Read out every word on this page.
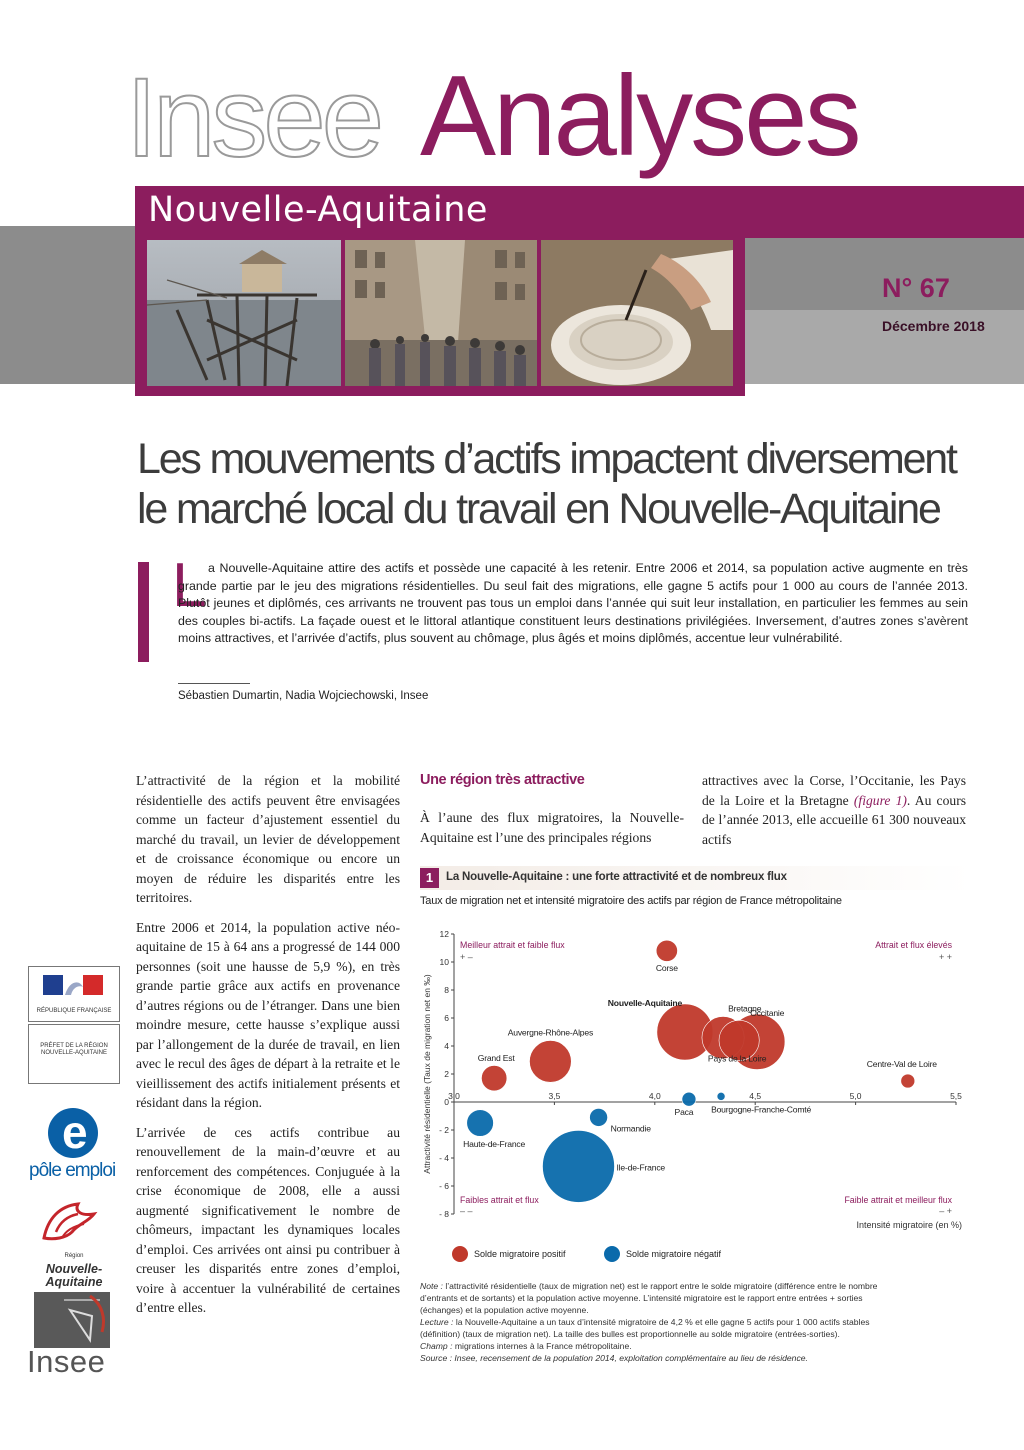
Insee Analyses
Nouvelle-Aquitaine
N° 67
Décembre 2018
Les mouvements d’actifs impactent diversement
le marché local du travail en Nouvelle-Aquitaine
L a Nouvelle-Aquitaine attire des actifs et possède une capacité à les retenir. Entre 2006 et 2014, sa population active augmente en très grande partie par le jeu des migrations résidentielles. Du seul fait des migrations, elle gagne 5 actifs pour 1 000 au cours de l’année 2013. Plutôt jeunes et diplômés, ces arrivants ne trouvent pas tous un emploi dans l’année qui suit leur installation, en particulier les femmes au sein des couples bi-actifs. La façade ouest et le littoral atlantique constituent leurs destinations privilégiées. Inversement, d’autres zones s’avèrent moins attractives, et l’arrivée d’actifs, plus souvent au chômage, plus âgés et moins diplômés, accentue leur vulnérabilité.
Sébastien Dumartin, Nadia Wojciechowski, Insee

L’attractivité de la région et la mobilité résidentielle des actifs peuvent être envisagées comme un facteur d’ajustement essentiel du marché du travail, un levier de développement et de croissance économique ou encore un moyen de réduire les disparités entre les territoires.

Entre 2006 et 2014, la population active néo-aquitaine de 15 à 64 ans a progressé de 144 000 personnes (soit une hausse de 5,9 %), en très grande partie grâce aux actifs en provenance d’autres régions ou de l’étranger. Dans une bien moindre mesure, cette hausse s’explique aussi par l’allongement de la durée de travail, en lien avec le recul des âges de départ à la retraite et le vieillissement des actifs initialement présents et résidant dans la région.

L’arrivée de ces actifs contribue au renouvellement de la main-d’œuvre et au renforcement des compétences. Conjuguée à la crise économique de 2008, elle a aussi augmenté significativement le nombre de chômeurs, impactant les dynamiques locales d’emploi. Ces arrivées ont ainsi pu contribuer à creuser les disparités entre zones d’emploi, voire à accentuer la vulnérabilité de certaines d’entre elles.

Une région très attractive

À l’aune des flux migratoires, la Nouvelle-Aquitaine est l’une des principales régions

attractives avec la Corse, l’Occitanie, les Pays de la Loire et la Bretagne (figure 1). Au cours de l’année 2013, elle accueille 61 300 nouveaux actifs

RÉPUBLIQUE FRANÇAISE
PRÉFET DE LA RÉGION NOUVELLE-AQUITAINE
e
pôle emploi
Région
Nouvelle-Aquitaine
Insee
1	La Nouvelle-Aquitaine : une forte attractivité et de nombreux flux
Taux de migration net et intensité migratoire des actifs par région de France métropolitaine
12
10
8
6
4
2
0
- 2
- 4
- 6
- 8
3,0	3,5	4,0	4,5	5,0	5,5
Attractivité résidentielle (Taux de migration net en ‰)
Intensité migratoire (en %)
Meilleur attrait et faible flux
+ –
Attrait et flux élevés
+ +
Faibles attrait et flux
– –
Faible attrait et meilleur flux
– +
Nouvelle-Aquitaine
Occitanie
Bretagne
Auvergne-Rhône-Alpes
Pays de la Loire
Grand Est
Corse
Centre-Val de Loire
Ile-de-France
Haute-de-France
Normandie
Paca Bourgogne-Franche-Comté
Solde migratoire positif	Solde migratoire négatif
Note : l’attractivité résidentielle (taux de migration net) est le rapport entre le solde migratoire (différence entre le nombre
d’entrants et de sortants) et la population active moyenne. L’intensité migratoire est le rapport entre entrées + sorties
(échanges) et la population active moyenne.
Lecture : la Nouvelle-Aquitaine a un taux d’intensité migratoire de 4,2 % et elle gagne 5 actifs pour 1 000 actifs stables
(définition) (taux de migration net). La taille des bulles est proportionnelle au solde migratoire (entrées-sorties).
Champ : migrations internes à la France métropolitaine.
Source : Insee, recensement de la population 2014, exploitation complémentaire au lieu de résidence.
